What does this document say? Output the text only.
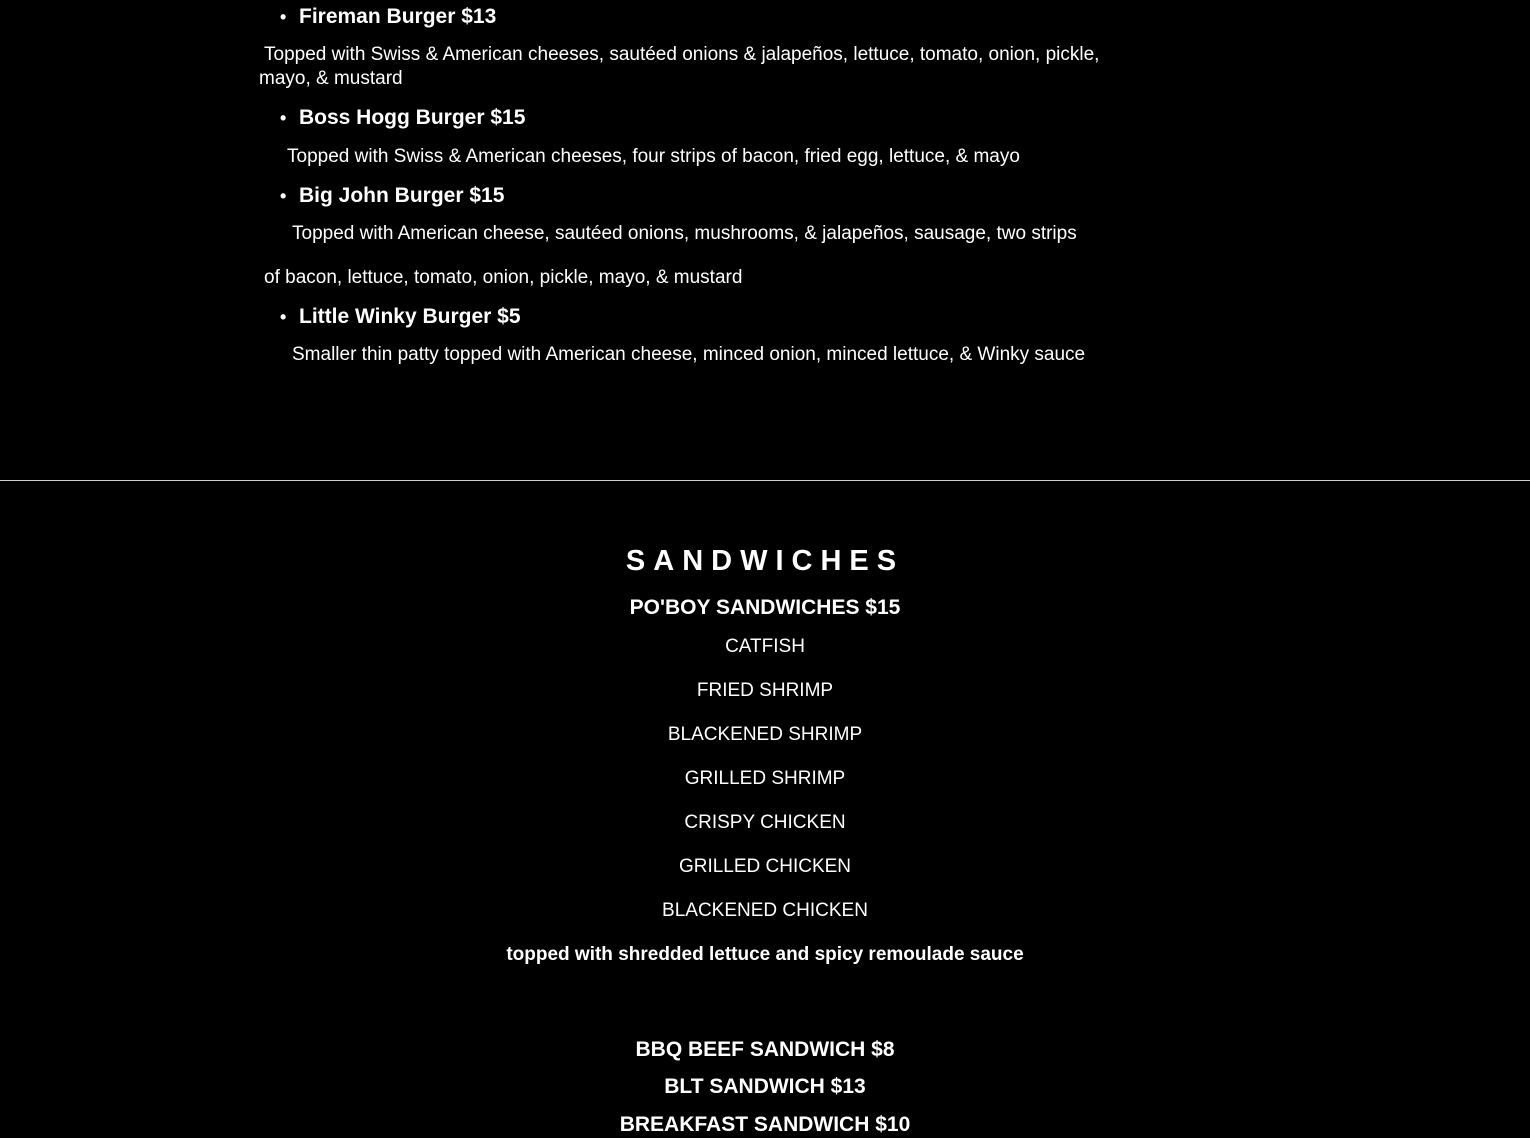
• Fireman Burger $13
Topped with Swiss & American cheeses, sautéed onions & jalapeños, lettuce, tomato, onion, pickle,
mayo, & mustard
• Boss Hogg Burger $15
Topped with Swiss & American cheeses, four strips of bacon, fried egg, lettuce, & mayo
• Big John Burger $15
Topped with American cheese, sautéed onions, mushrooms, & jalapeños, sausage, two strips
of bacon, lettuce, tomato, onion, pickle, mayo, & mustard
• Little Winky Burger $5
Smaller thin patty topped with American cheese, minced onion, minced lettuce, & Winky sauce
SANDWICHES
PO'BOY SANDWICHES $15
CATFISH
FRIED SHRIMP
BLACKENED SHRIMP
GRILLED SHRIMP
CRISPY CHICKEN
GRILLED CHICKEN
BLACKENED CHICKEN
topped with shredded lettuce and spicy remoulade sauce
BBQ BEEF SANDWICH $8
BLT SANDWICH $13
BREAKFAST SANDWICH $10
